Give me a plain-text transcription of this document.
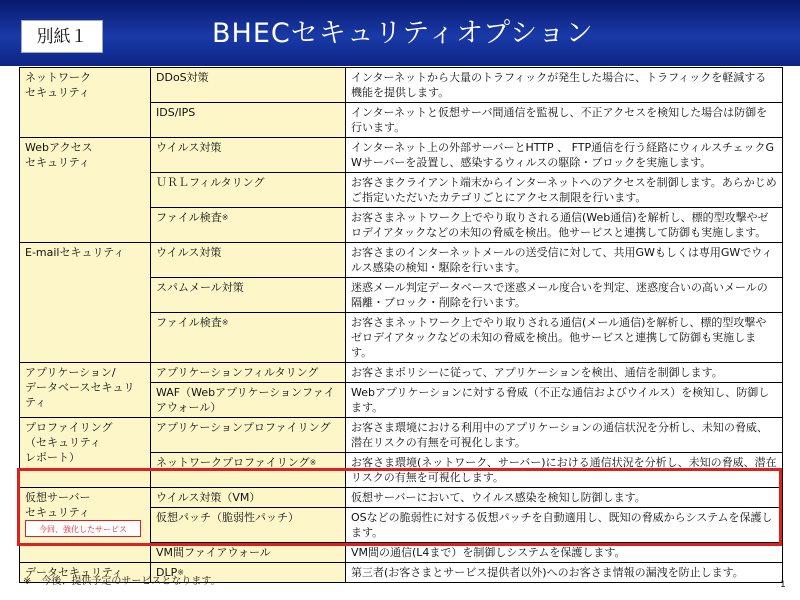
別紙１	BHECセキュリティオプション
ネットワーク
セキュリティ	DDoS対策	インターネットから大量のトラフィックが発生した場合に、トラフィックを軽減する機能を提供します。
	IDS/IPS	インターネットと仮想サーバ間通信を監視し、不正アクセスを検知した場合は防御を行います。
Webアクセス
セキュリティ	ウイルス対策	インターネット上の外部サーバーとHTTP 、 FTP通信を行う経路にウィルスチェックGWサーバーを設置し、感染するウィルスの駆除・ブロックを実施します。
	ＵＲＬフィルタリング	お客さまクライアント端末からインターネットへのアクセスを制御します。あらかじめご指定いただいたカテゴリごとにアクセス制限を行います。
	ファイル検査※	お客さまネットワーク上でやり取りされる通信(Web通信)を解析し、標的型攻撃やゼロデイアタックなどの未知の脅威を検出。他サービスと連携して防御も実施します。
E-mailセキュリティ	ウイルス対策	お客さまのインターネットメールの送受信に対して、共用GWもしくは専用GWでウィルス感染の検知・駆除を行います。
	スパムメール対策	迷惑メール判定データベースで迷惑メール度合いを判定、迷惑度合いの高いメールの隔離・ブロック・削除を行います。
	ファイル検査※	お客さまネットワーク上でやり取りされる通信(メール通信)を解析し、標的型攻撃やゼロデイアタックなどの未知の脅威を検出。他サービスと連携して防御も実施します。
アプリケーション/
データベースセキュリティ	アプリケーションフィルタリング	お客さまポリシーに従って、アプリケーションを検出、通信を制御します。
	WAF（Webアプリケーションファイアウォール）	Webアプリケーションに対する脅威（不正な通信およびウイルス）を検知し、防御します。
プロファイリング
（セキュリティ
レポート）	アプリケーションプロファイリング	お客さま環境における利用中のアプリケーションの通信状況を分析し、未知の脅威、潜在リスクの有無を可視化します。
	ネットワークプロファイリング※	お客さま環境(ネットワーク、サーバー)における通信状況を分析し、未知の脅威、潜在リスクの有無を可視化します。
仮想サーバー
セキュリティ	ウイルス対策（VM）	仮想サーバーにおいて、ウイルス感染を検知し防御します。
	仮想パッチ（脆弱性パッチ）	OSなどの脆弱性に対する仮想パッチを自動適用し、既知の脅威からシステムを保護します。
	VM間ファイアウォール	VM間の通信(L4まで）を制御しシステムを保護します。
データセキュリティ	DLP※	第三者(お客さまとサービス提供者以外)へのお客さま情報の漏洩を防止します。
今回、強化したサービス
※　今後、提供予定のサービスとなります。	1
